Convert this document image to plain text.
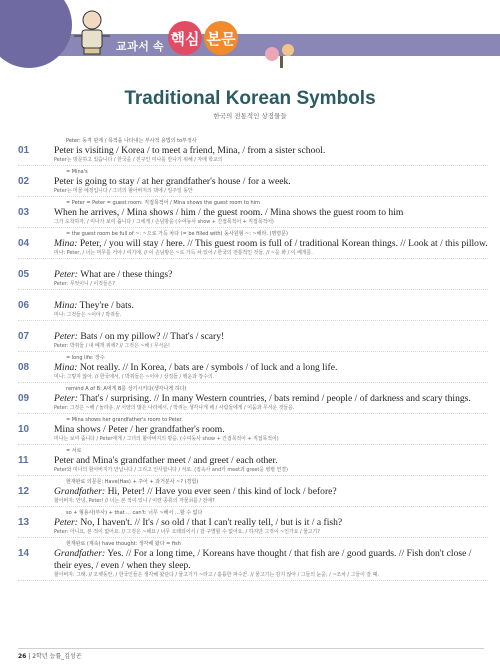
교과서 속 핵심 본문
Traditional Korean Symbols
한국의 전통적인 상징물들
Peter: 동격 관계 / 목적을 나타내는 부사적 용법의 to부정사
01	Peter is visiting / Korea / to meet a friend, Mina, / from a sister school.
Peter는 방문하고 있습니다 / 한국을 / 친구인 미나를 만나기 위해 / 자매 학교의
= Mina's
02	Peter is going to stay / at her grandfather's house / for a week.
Peter는 머물 예정입니다 / 그녀의 할아버지의 댁에 / 일주일 동안
= Peter = Peter = guest room: 직접목적어 / Mina shows the guest room to him
03	When he arrives, / Mina shows / him / the guest room. / Mina shows the guest room to him
그가 도착하자, / 미나가 보여 줍니다 / 그에게 / 손님방을 (수여동사 show + 간접목적어 + 직접목적어)
= the guest room be full of ~: ~으로 가득 차다 (= be filled with) 동사원형 ~: ~해라. (명령문)
04	Mina: Peter, / you will stay / here. // This guest room is full of / traditional Korean things. // Look at / this pillow.
미나: Peter, / 너는 머무를 거야 / 여기에. // 이 손님방은 ~로 가득 차 있어 / 한국의 전통적인 것들. // ~을 봐 / 이 베개를.
05	Peter: What are / these things?
Peter: 무엇이니 / 이것들은?
06	Mina: They're / bats.
미나: 그것들은 ~이야 / 박쥐들.
07	Peter: Bats / on my pillow? // That's / scary!
Peter: 박쥐들 / 내 베개 위에? // 그것은 ~해 / 무서운!
= long life: 장수
08	Mina: Not really. // In Korea, / bats are / symbols / of luck and a long life.
미나: 그렇지 않아. // 한국에서, / 박쥐들은 ~이야 / 상징들 / 행운과 장수의.
remind A of B: A에게 B를 상기시키다(생각나게 하다)
09	Peter: That's / surprising. // In many Western countries, / bats remind / people / of darkness and scary things.
Peter: 그것은 ~해 / 놀라운. // 서양의 많은 나라에서, / 박쥐는 생각나게 해 / 사람들에게 / 어둠과 무서운 것들을.
= Mina shows her grandfather's room to Peter.
10	Mina shows / Peter / her grandfather's room.
미나는 보여 줍니다 / Peter에게 / 그녀의 할아버지의 방을. (수여동사 show + 간접목적어 + 직접목적어)
= 서로
11	Peter and Mina's grandfather meet / and greet / each other.
Peter와 미나의 할아버지가 만납니다 / 그리고 인사합니다 / 서로. (접속사 and가 meet과 greet을 병렬 연결)
현재완료 의문문: Have(Has) + 주어 + 과거분사 ~? (경험)
12	Grandfather: Hi, Peter! // Have you ever seen / this kind of lock / before?
할아버지: 안녕, Peter! // 너는 본 적이 있니 / 이런 종류의 자물쇠를 / 전에?
so + 형용사(부사) + that ... can't: 너무 ~해서 …할 수 없다
13	Peter: No, I haven't. // It's / so old / that I can't really tell, / but is it / a fish?
Peter: 아니요, 본 적이 없어요. // 그것은 ~해요 / 너무 오래되어서 / 잘 구별할 수 없어요, / 하지만 그것이 ~인가요 / 물고기?
현재완료 (계속) have thought: 생각해 왔다 = fish
14	Grandfather: Yes. // For a long time, / Koreans have thought / that fish are / good guards. // Fish don't close / their eyes, / even / when they sleep.
할아버지: 그래. // 오랫동안, / 한국인들은 생각해 왔단다 / 물고기가 ~라고 / 훌륭한 파수꾼. // 물고기는 감지 않아 / 그들의 눈을, / ~조차 / 그들이 잘 때.
26 | 2학년 능률_김성곤
